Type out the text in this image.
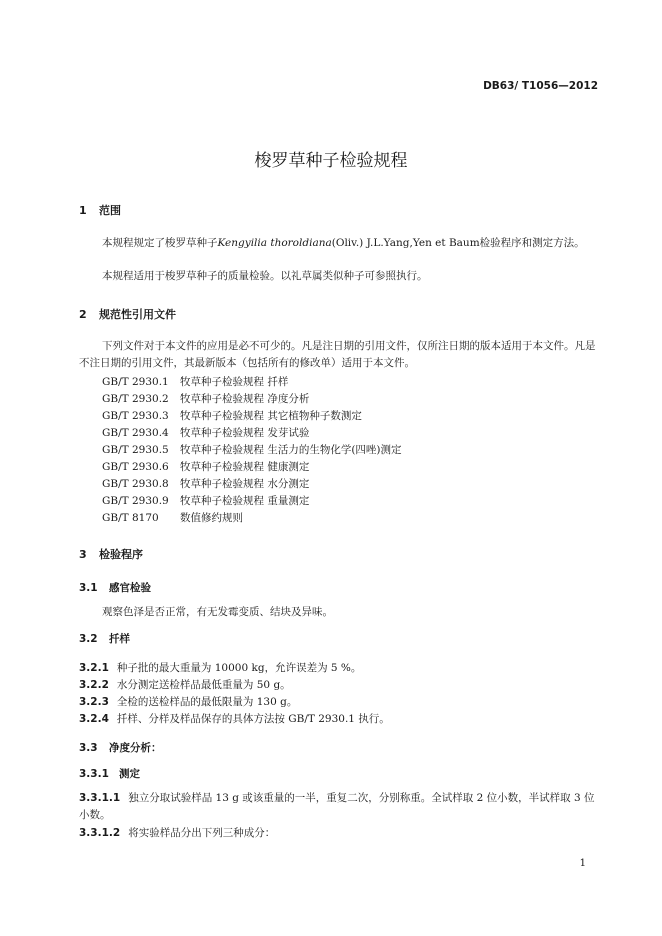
DB63/ T1056—2012
梭罗草种子检验规程
1 范围
本规程规定了梭罗草种子Kengyilia thoroldiana(Oliv.) J.L.Yang,Yen et Baum检验程序和测定方法。
本规程适用于梭罗草种子的质量检验。以礼草属类似种子可参照执行。
2 规范性引用文件
下列文件对于本文件的应用是必不可少的。凡是注日期的引用文件，仅所注日期的版本适用于本文件。凡是不注日期的引用文件，其最新版本（包括所有的修改单）适用于本文件。
GB/T 2930.1 牧草种子检验规程 扦样
GB/T 2930.2 牧草种子检验规程 净度分析
GB/T 2930.3 牧草种子检验规程 其它植物种子数测定
GB/T 2930.4 牧草种子检验规程 发芽试验
GB/T 2930.5 牧草种子检验规程 生活力的生物化学(四唑)测定
GB/T 2930.6 牧草种子检验规程 健康测定
GB/T 2930.8 牧草种子检验规程 水分测定
GB/T 2930.9 牧草种子检验规程 重量测定
GB/T 8170 数值修约规则
3 检验程序
3.1 感官检验
观察色泽是否正常，有无发霉变质、结块及异味。
3.2 扦样
3.2.1 种子批的最大重量为 10000 kg，允许误差为 5 %。
3.2.2 水分测定送检样品最低重量为 50 g。
3.2.3 全检的送检样品的最低限量为 130 g。
3.2.4 扦样、分样及样品保存的具体方法按 GB/T 2930.1 执行。
3.3 净度分析：
3.3.1 测定
3.3.1.1 独立分取试验样品 13 g 或该重量的一半，重复二次，分别称重。全试样取 2 位小数，半试样取 3 位小数。
3.3.1.2 将实验样品分出下列三种成分：
1
